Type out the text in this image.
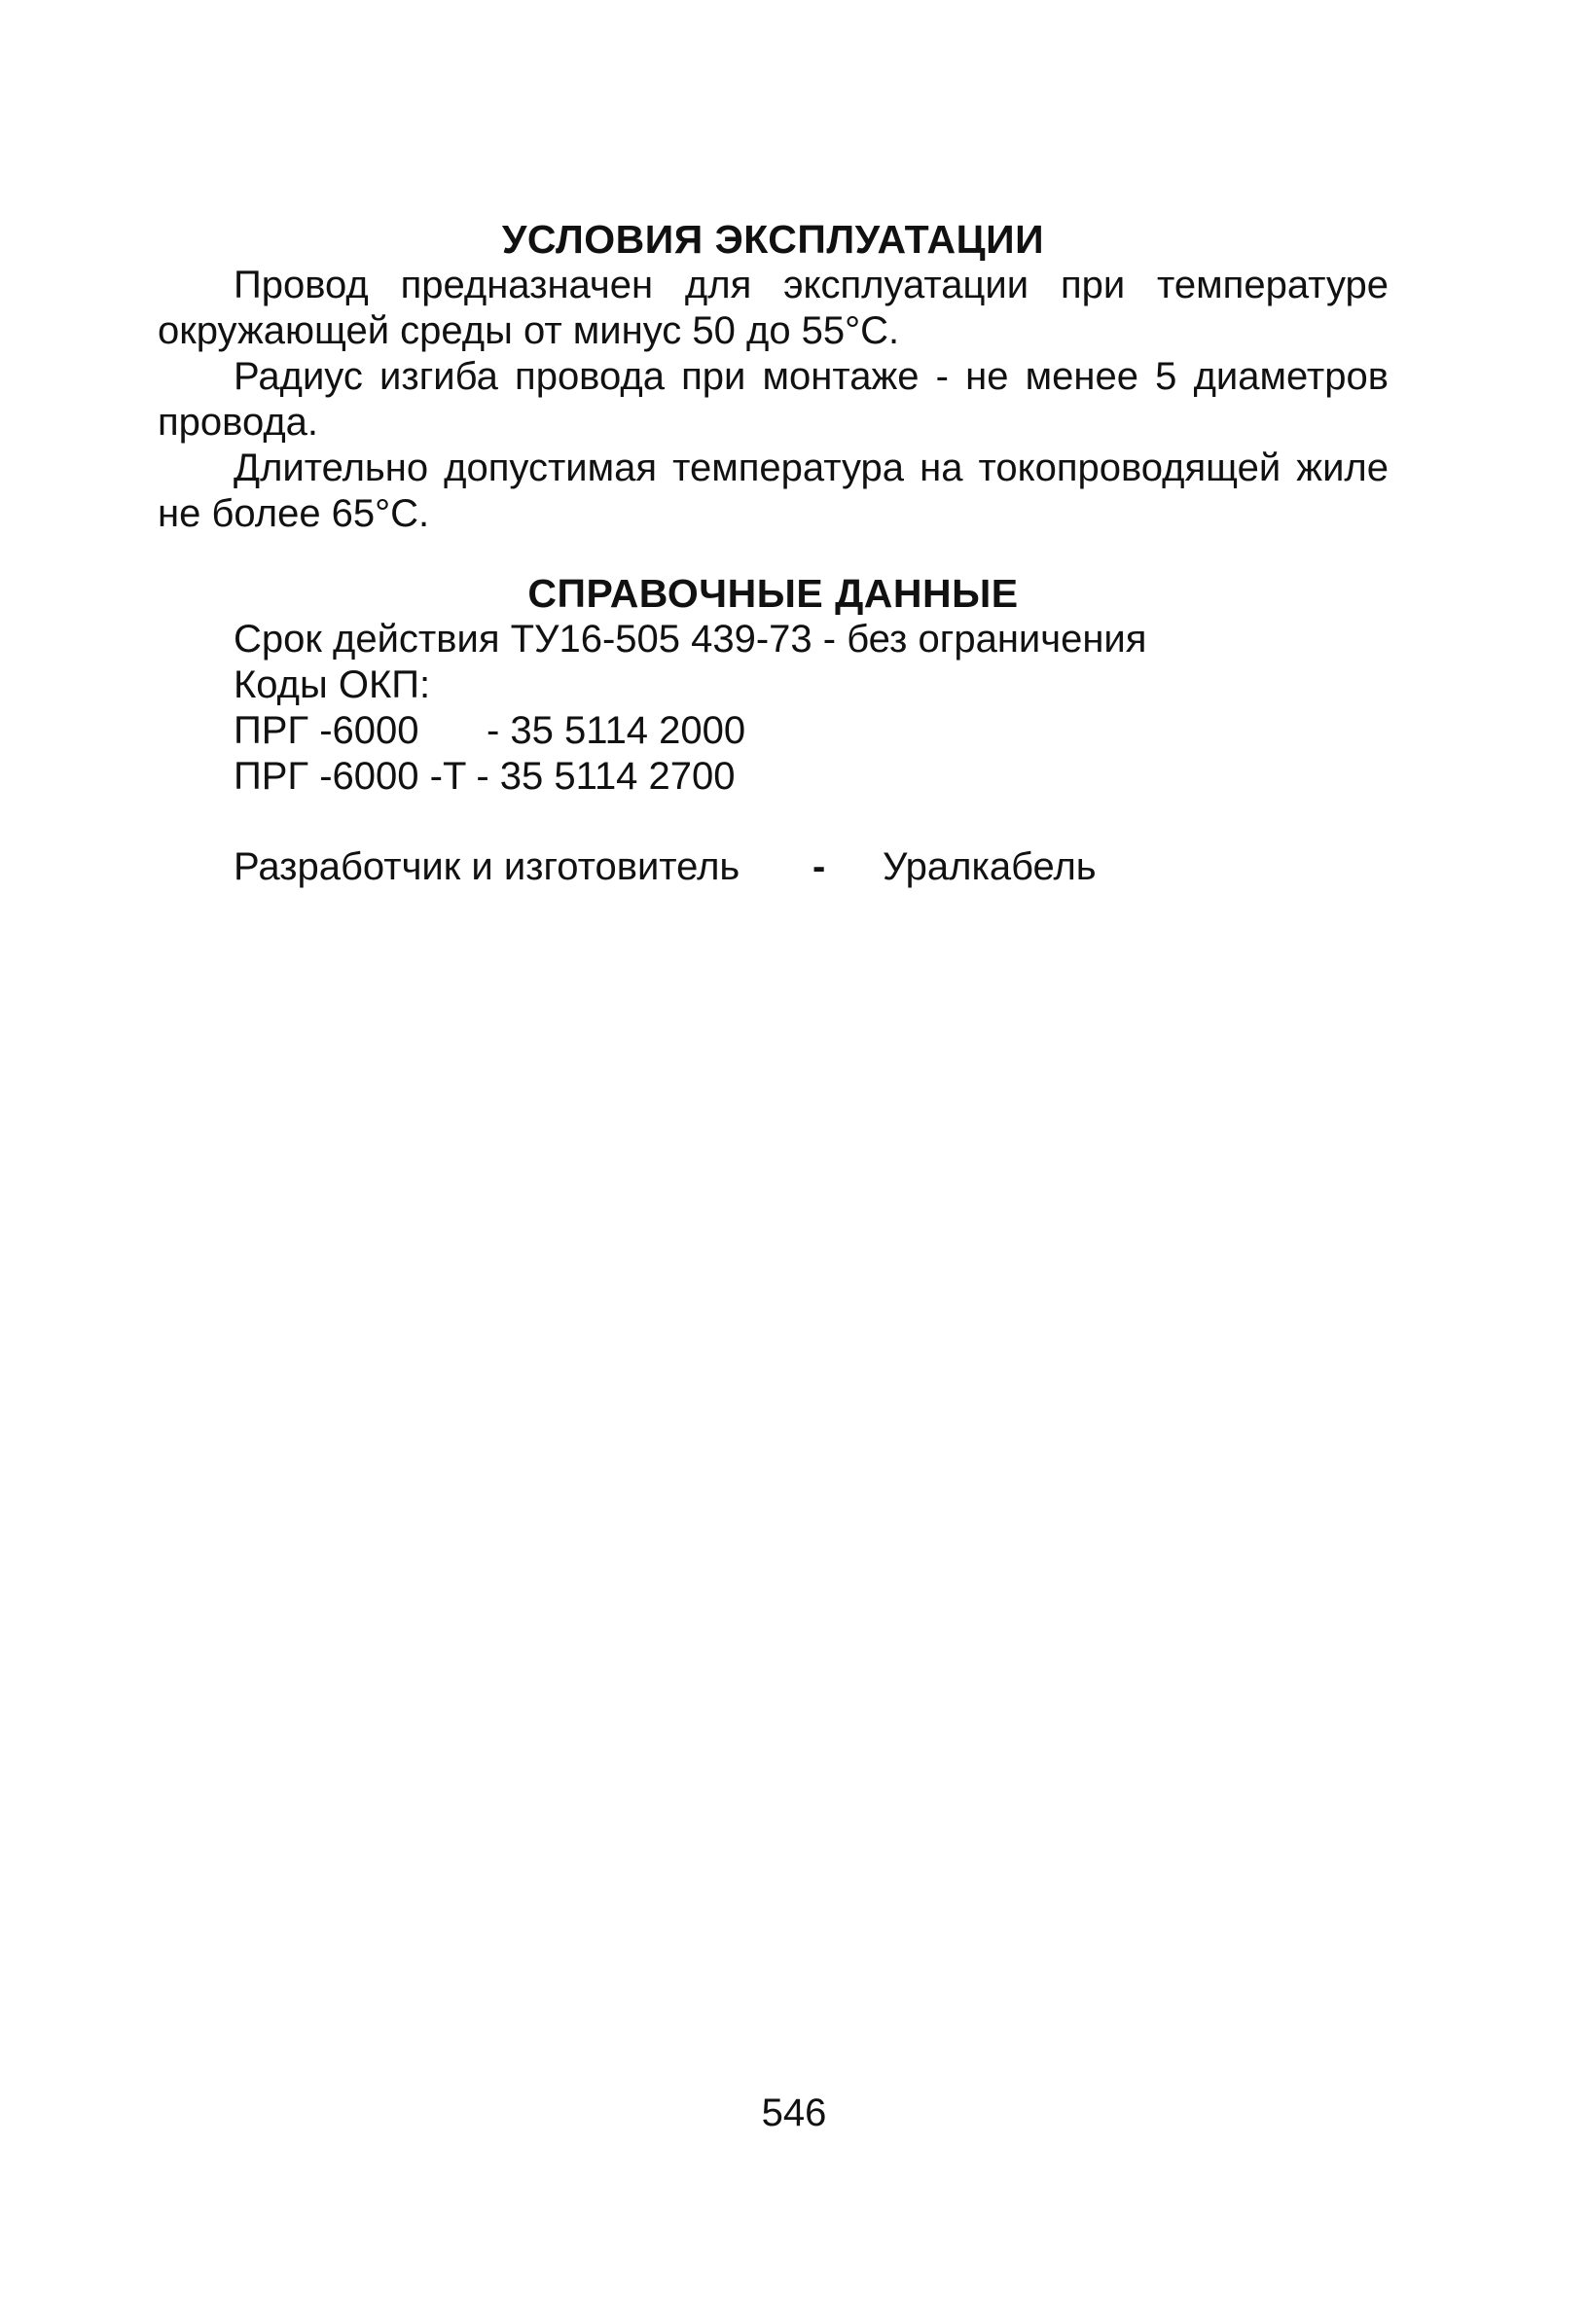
УСЛОВИЯ ЭКСПЛУАТАЦИИ

Провод предназначен для эксплуатации при температуре окружающей среды от минус 50 до 55°С.

Радиус изгиба провода при монтаже - не менее 5 диаметров провода.

Длительно допустимая температура на токопроводящей жиле не более 65°С.

СПРАВОЧНЫЕ ДАННЫЕ

Срок действия ТУ16-505 439-73 - без ограничения

Коды ОКП:

ПРГ -6000	- 35 5114 2000
ПРГ -6000 -Т - 35 5114 2700
Разработчик и изготовитель	-	Уралкабель
546
